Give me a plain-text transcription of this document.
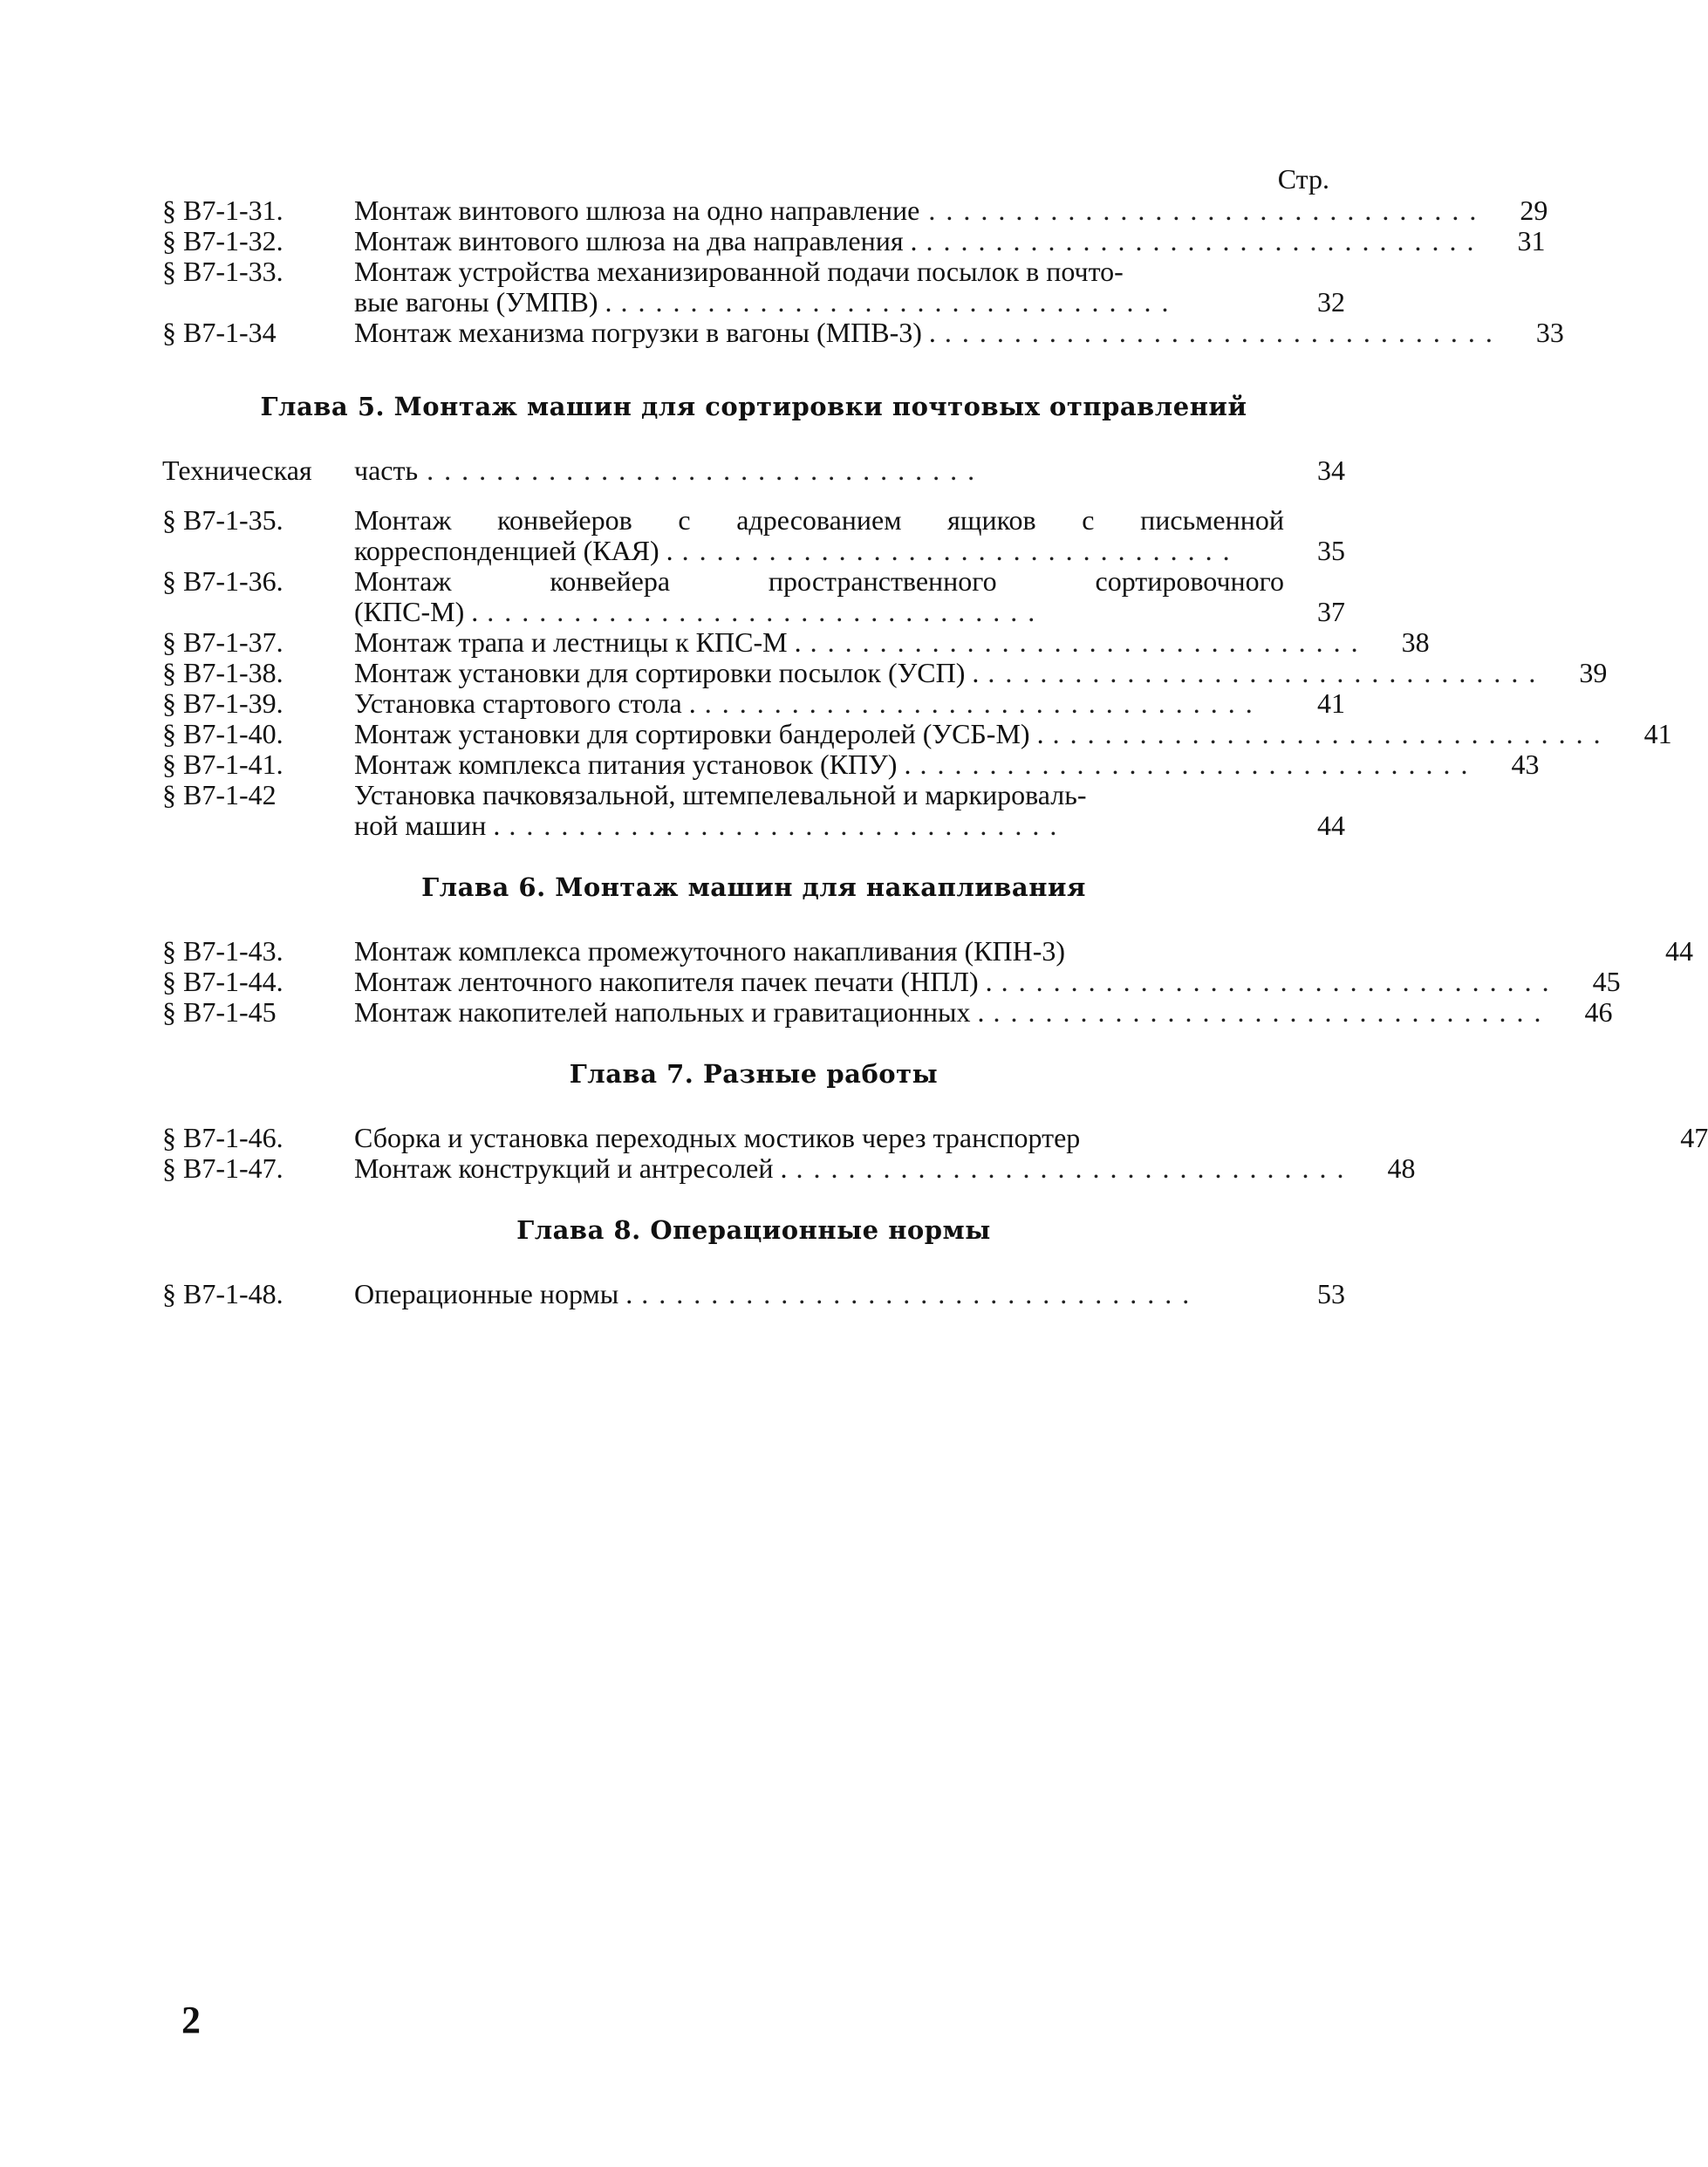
Стр.
§ B7-1-31.	Монтаж винтового шлюза на одно направление . .	29
§ B7-1-32.	Монтаж винтового шлюза на два направления . . .	31
§ B7-1-33.	Монтаж устройства механизированной подачи посылок в почто-
вые вагоны (УМПВ) . . .	32
§ B7-1-34	Монтаж механизма погрузки в вагоны (МПВ-3) . . .	33
Глава 5. Монтаж машин для сортировки почтовых отправлений
Техническая	часть . .	34
§ B7-1-35.	Монтаж конвейеров с адресованием ящиков с письменной
корреспонденцией (КАЯ) . . .	35
§ B7-1-36.	Монтаж конвейера пространственного сортировочного
(КПС-М) . . .	37
§ B7-1-37.	Монтаж трапа и лестницы к КПС-М . . .	38
§ B7-1-38.	Монтаж установки для сортировки посылок (УСП) . . .	39
§ B7-1-39.	Установка стартового стола . . .	41
§ B7-1-40.	Монтаж установки для сортировки бандеролей (УСБ-М) . . .	41
§ B7-1-41.	Монтаж комплекса питания установок (КПУ) . . .	43
§ B7-1-42	Установка пачковязальной, штемпелевальной и маркироваль-
ной машин . . .	44
Глава 6. Монтаж машин для накапливания
§ B7-1-43.	Монтаж комплекса промежуточного накапливания (КПН-3)	44
§ B7-1-44.	Монтаж ленточного накопителя пачек печати (НПЛ) . . .	45
§ B7-1-45	Монтаж накопителей напольных и гравитационных . . .	46
Глава 7. Разные работы
§ B7-1-46.	Сборка и установка переходных мостиков через транспортер	47
§ B7-1-47.	Монтаж конструкций и антресолей . . .	48
Глава 8. Операционные нормы
§ B7-1-48.	Операционные нормы . . .	53
2
